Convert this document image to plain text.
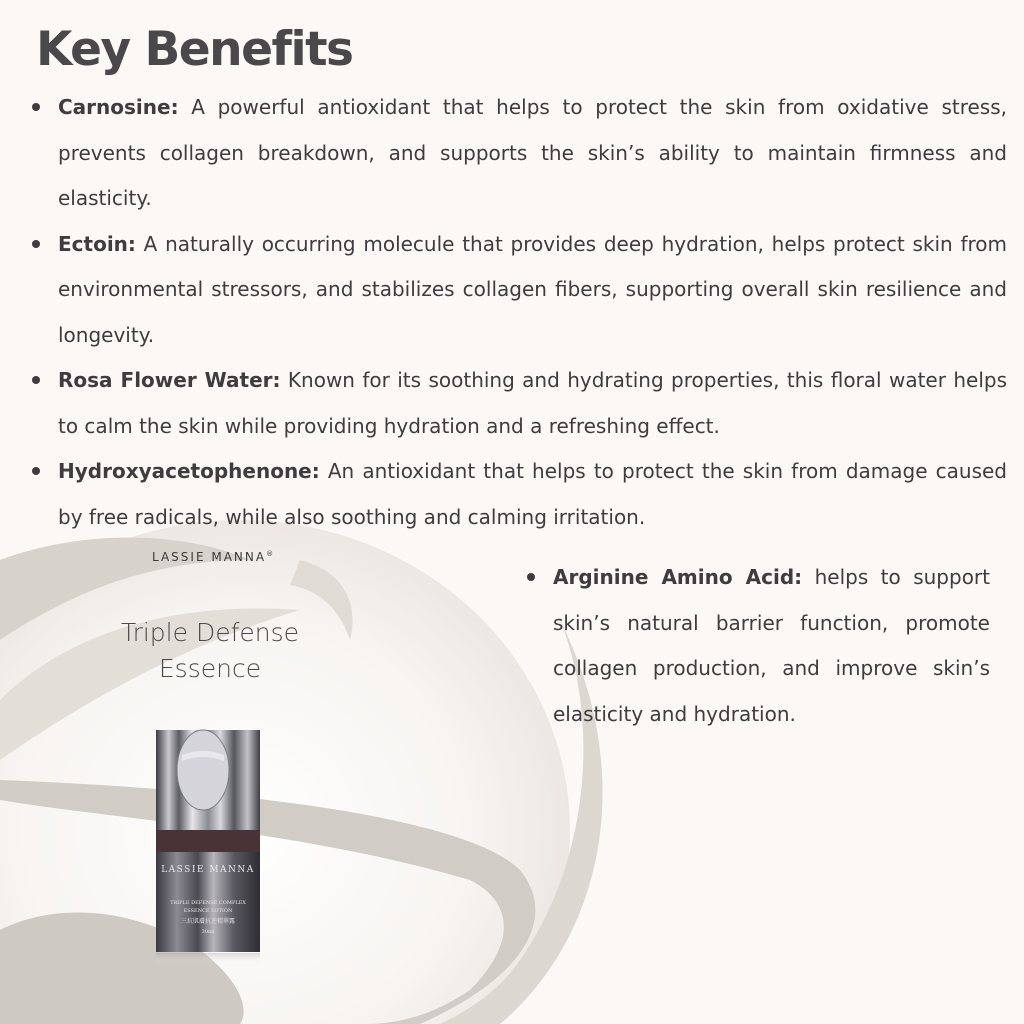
Key Benefits
Carnosine: A powerful antioxidant that helps to protect the skin from oxidative stress, prevents collagen breakdown, and supports the skin’s ability to maintain firmness and elasticity.
Ectoin: A naturally occurring molecule that provides deep hydration, helps protect skin from environmental stressors, and stabilizes collagen fibers, supporting overall skin resilience and longevity.
Rosa Flower Water: Known for its soothing and hydrating properties, this floral water helps to calm the skin while providing hydration and a refreshing effect.
Hydroxyacetophenone: An antioxidant that helps to protect the skin from damage caused by free radicals, while also soothing and calming irritation.
Arginine Amino Acid: helps to support skin’s natural barrier function, promote collagen production, and improve skin’s elasticity and hydration.
LASSIE MANNA®
Triple Defense
Essence
LASSIE MANNA
TRIPLE DEFENSE COMPLEX
ESSENCE LOTION
三抗肌膚抗逆精華露
30ml
